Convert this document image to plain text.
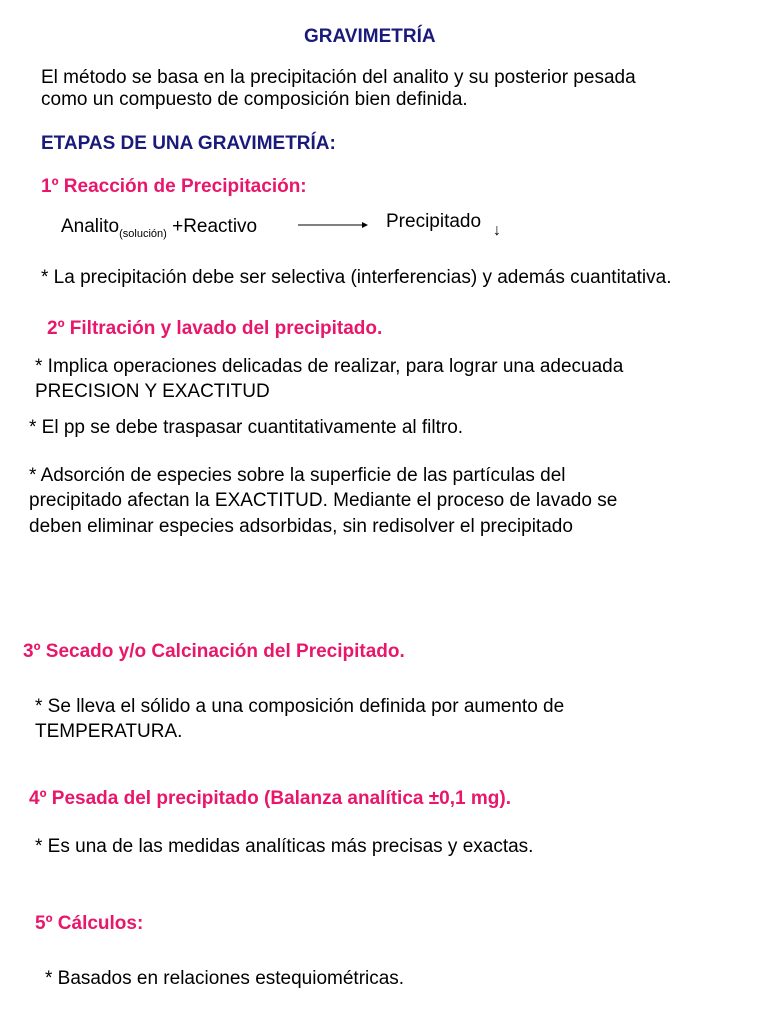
GRAVIMETRÍA
El método se basa en la precipitación del analito y su posterior pesada
como un compuesto de composición bien definida.
ETAPAS DE UNA GRAVIMETRÍA:
1º Reacción de Precipitación:
Analito$_{(solución)}$ +Reactivo	Precipitado ↓
* La precipitación debe ser selectiva (interferencias) y además cuantitativa.
2º Filtración y lavado del precipitado.
* Implica operaciones delicadas de realizar, para lograr una adecuada
PRECISION Y EXACTITUD
* El pp se debe traspasar cuantitativamente al filtro.
* Adsorción de especies sobre la superficie de las partículas del
precipitado afectan la EXACTITUD. Mediante el proceso de lavado se
deben eliminar especies adsorbidas, sin redisolver el precipitado
3º Secado y/o Calcinación del Precipitado.
* Se lleva el sólido a una composición definida por aumento de
TEMPERATURA.
4º Pesada del precipitado (Balanza analítica ±0,1 mg).
* Es una de las medidas analíticas más precisas y exactas.
5º Cálculos:
* Basados en relaciones estequiométricas.
